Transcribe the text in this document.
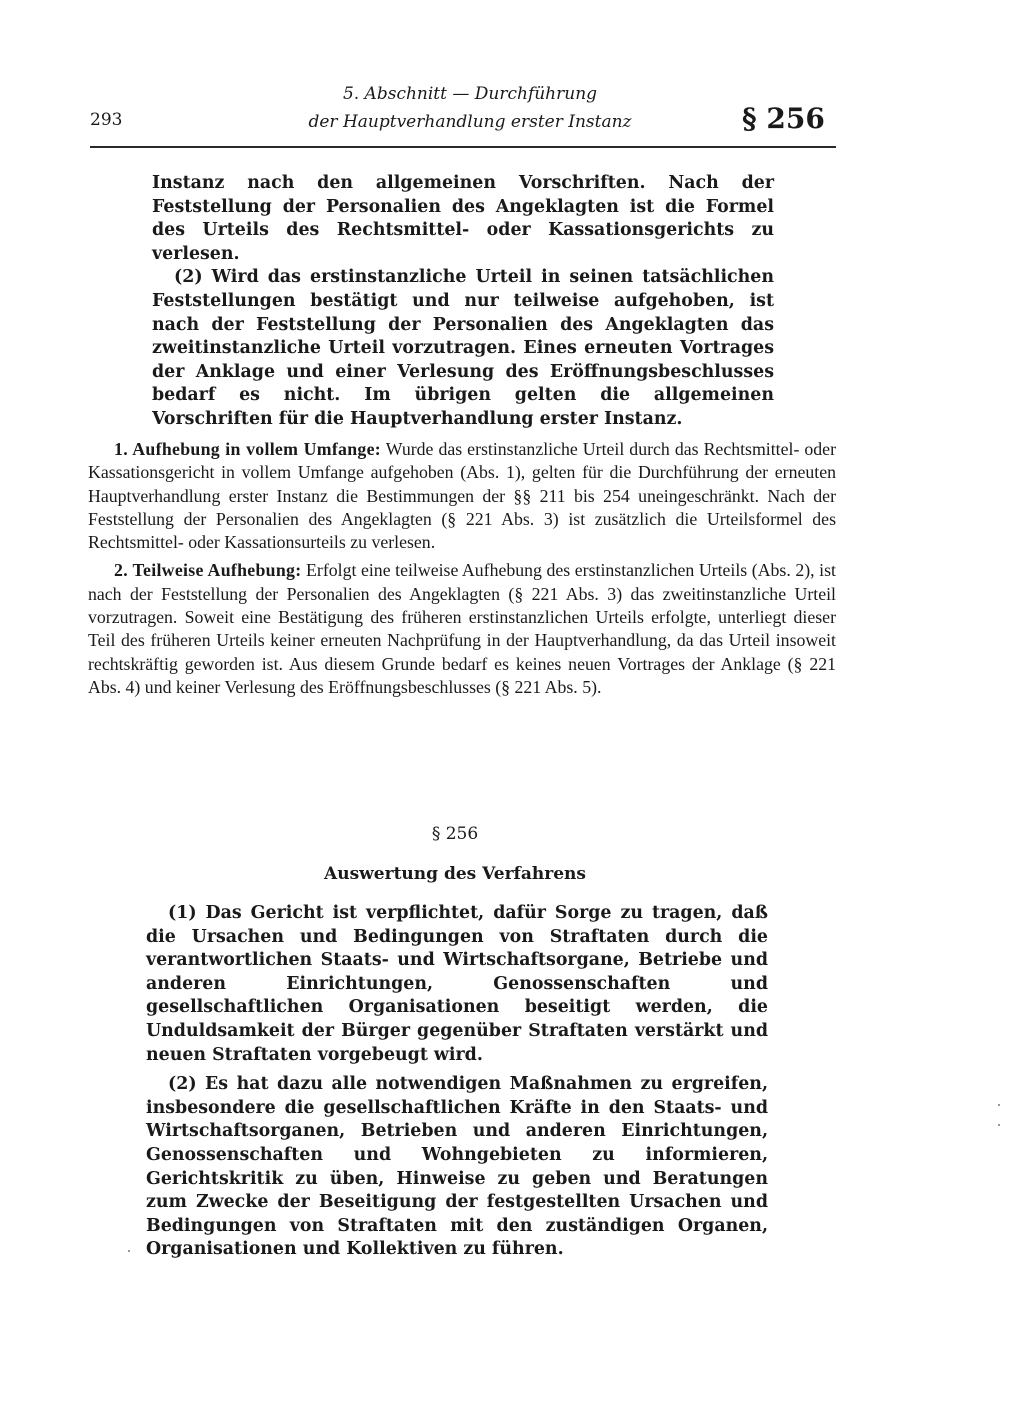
293
5. Abschnitt — Durchführung
der Hauptverhandlung erster Instanz	§ 256

Instanz nach den allgemeinen Vorschriften. Nach der Feststellung der Personalien des Angeklagten ist die Formel des Urteils des Rechtsmittel- oder Kassationsgerichts zu verlesen.

(2) Wird das erstinstanzliche Urteil in seinen tatsächlichen Feststellungen bestätigt und nur teilweise aufgehoben, ist nach der Feststellung der Personalien des Angeklagten das zweitinstanzliche Urteil vorzutragen. Eines erneuten Vortrages der Anklage und einer Verlesung des Eröffnungsbeschlusses bedarf es nicht. Im übrigen gelten die allgemeinen Vorschriften für die Hauptverhandlung erster Instanz.

1. Aufhebung in vollem Umfange: Wurde das erstinstanzliche Urteil durch das Rechtsmittel- oder Kassationsgericht in vollem Umfange aufgehoben (Abs. 1), gelten für die Durchführung der erneuten Hauptverhandlung erster Instanz die Bestimmungen der §§ 211 bis 254 uneingeschränkt. Nach der Feststellung der Personalien des Angeklagten (§ 221 Abs. 3) ist zusätzlich die Urteilsformel des Rechtsmittel- oder Kassationsurteils zu verlesen.

2. Teilweise Aufhebung: Erfolgt eine teilweise Aufhebung des erstinstanzlichen Urteils (Abs. 2), ist nach der Feststellung der Personalien des Angeklagten (§ 221 Abs. 3) das zweitinstanzliche Urteil vorzutragen. Soweit eine Bestätigung des früheren erstinstanzlichen Urteils erfolgte, unterliegt dieser Teil des früheren Urteils keiner erneuten Nachprüfung in der Hauptverhandlung, da das Urteil insoweit rechtskräftig geworden ist. Aus diesem Grunde bedarf es keines neuen Vortrages der Anklage (§ 221 Abs. 4) und keiner Verlesung des Eröffnungsbeschlusses (§ 221 Abs. 5).

§ 256
Auswertung des Verfahrens

(1) Das Gericht ist verpflichtet, dafür Sorge zu tragen, daß die Ursachen und Bedingungen von Straftaten durch die verantwortlichen Staats- und Wirtschaftsorgane, Betriebe und anderen Einrichtungen, Genossenschaften und gesellschaftlichen Organisationen beseitigt werden, die Unduldsamkeit der Bürger gegenüber Straftaten verstärkt und neuen Straftaten vorgebeugt wird.

(2) Es hat dazu alle notwendigen Maßnahmen zu ergreifen, insbesondere die gesellschaftlichen Kräfte in den Staats- und Wirtschaftsorganen, Betrieben und anderen Einrichtungen, Genossenschaften und Wohngebieten zu informieren, Gerichtskritik zu üben, Hinweise zu geben und Beratungen zum Zwecke der Beseitigung der festgestellten Ursachen und Bedingungen von Straftaten mit den zuständigen Organen, Organisationen und Kollektiven zu führen.
